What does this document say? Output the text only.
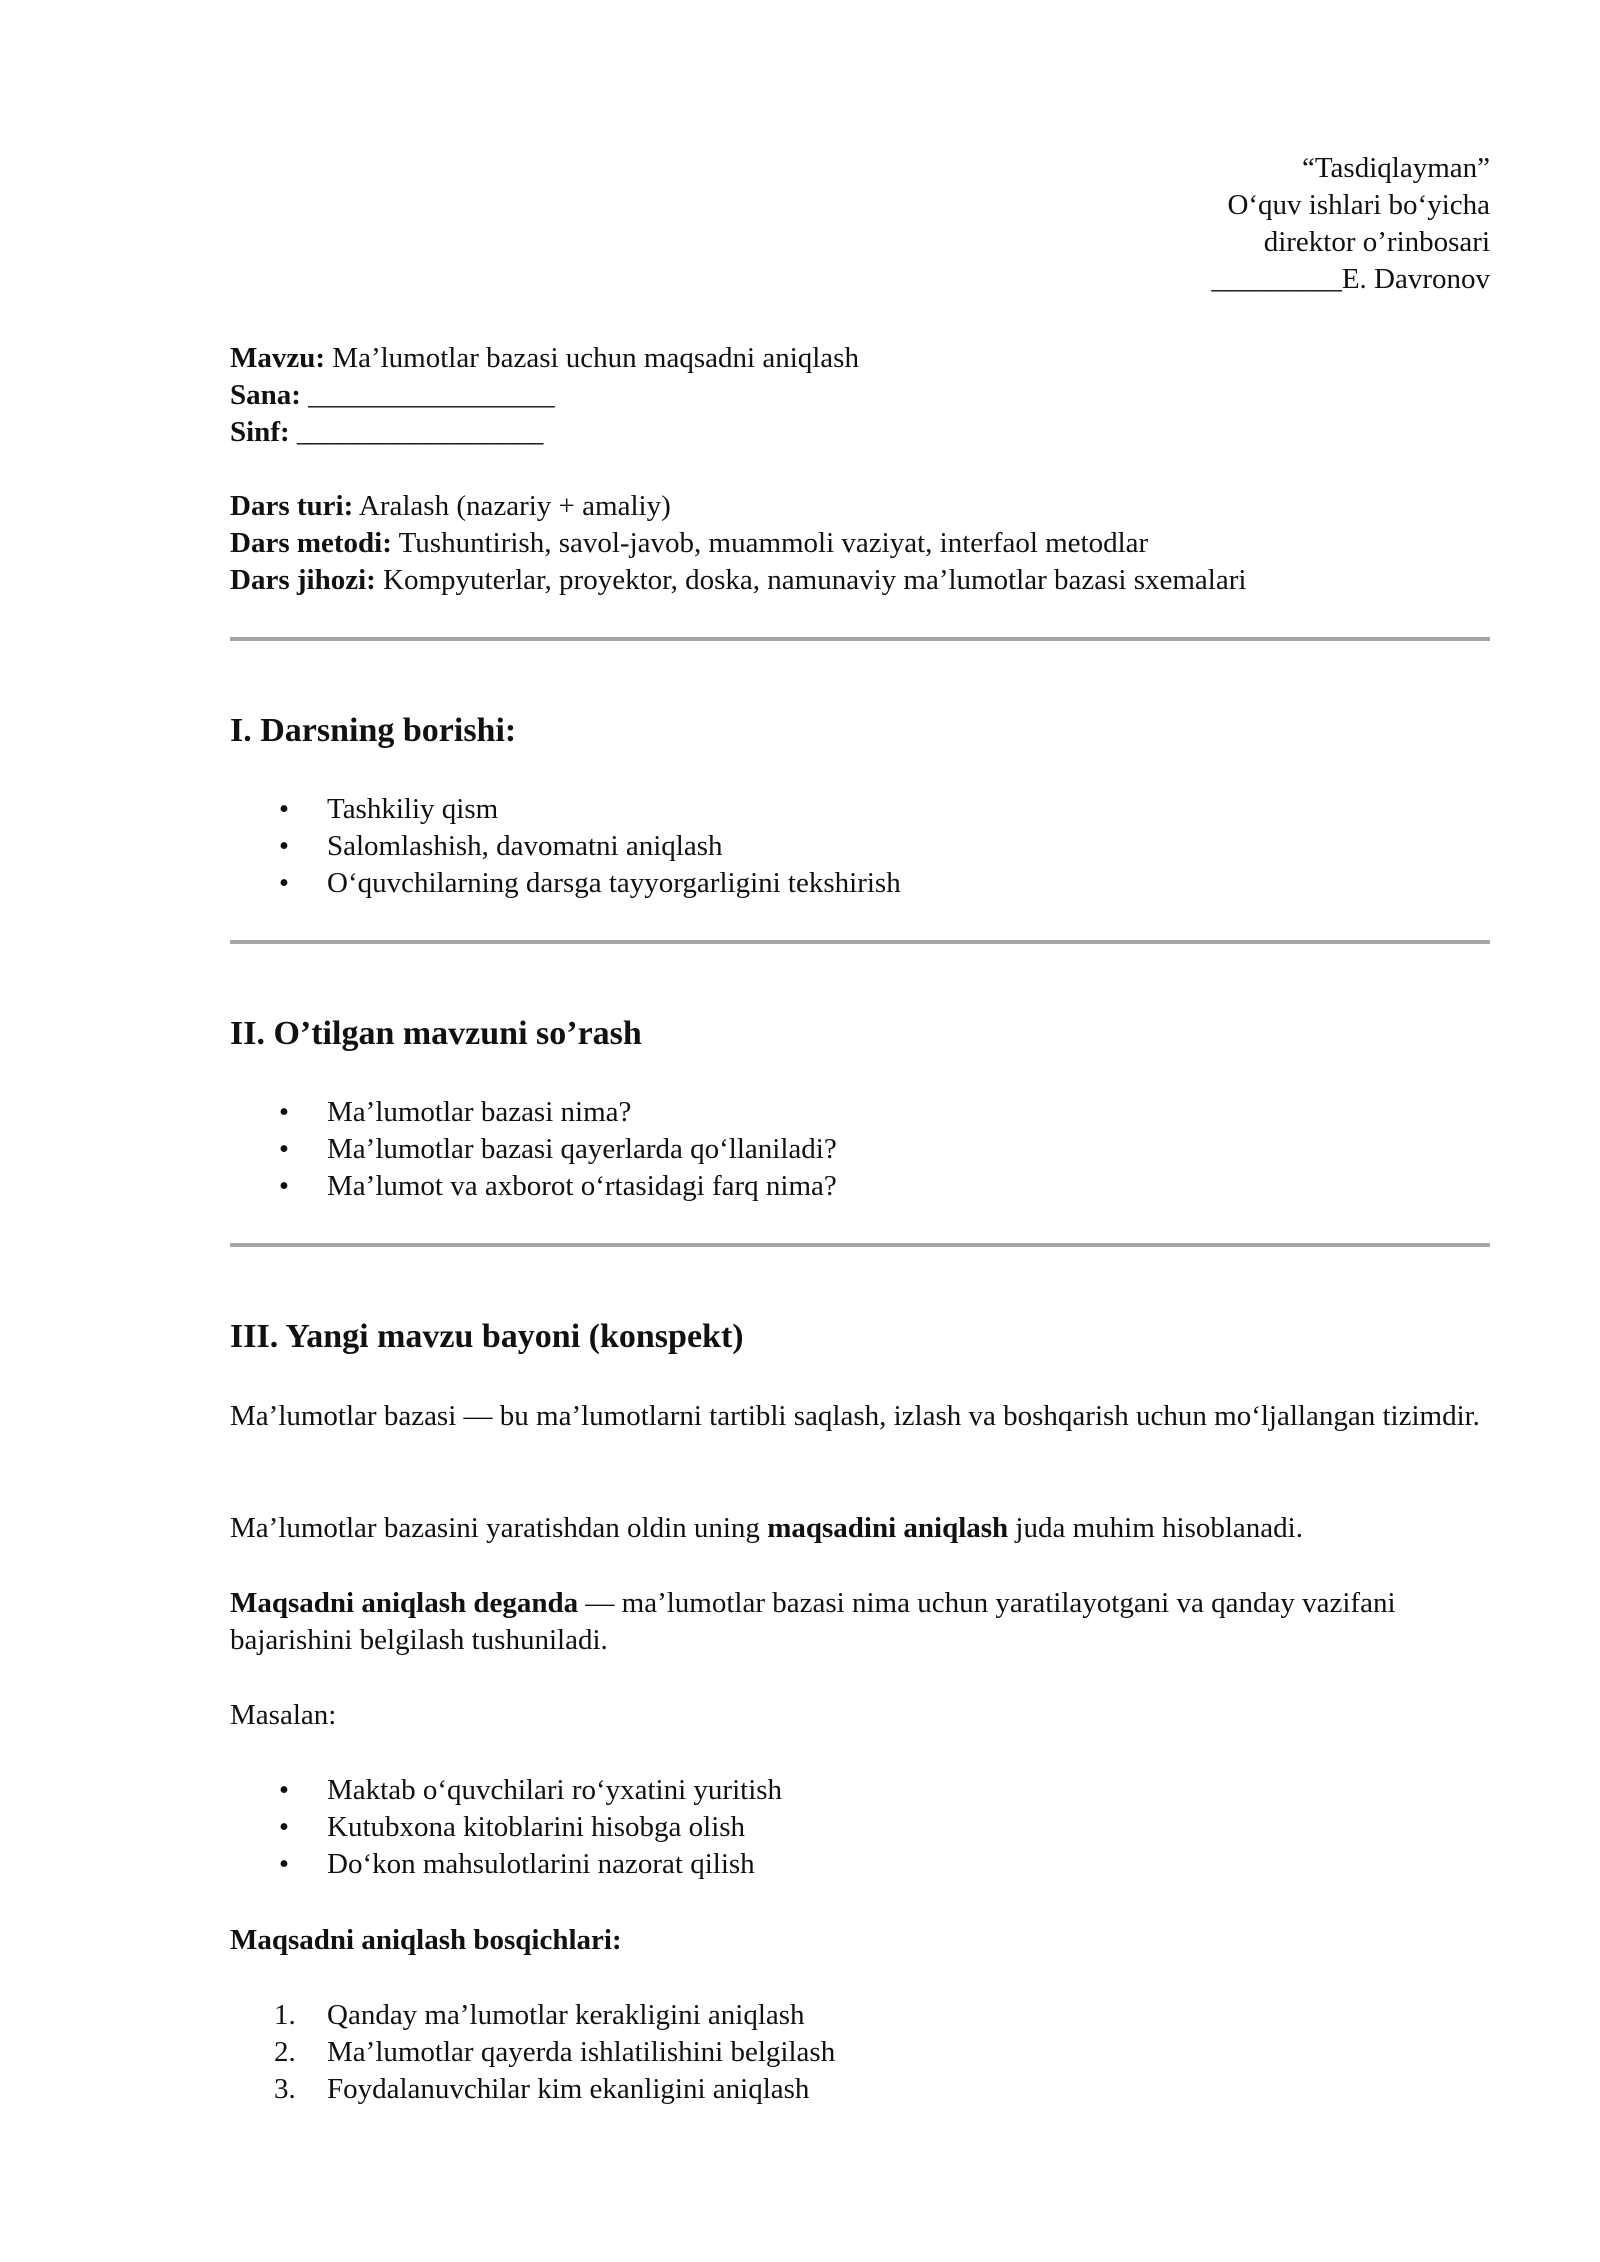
“Tasdiqlayman”
O‘quv ishlari bo‘yicha
direktor o’rinbosari
_________E. Davronov
Mavzu: Ma’lumotlar bazasi uchun maqsadni aniqlash
Sana: _________________
Sinf: _________________
Dars turi: Aralash (nazariy + amaliy)
Dars metodi: Tushuntirish, savol-javob, muammoli vaziyat, interfaol metodlar
Dars jihozi: Kompyuterlar, proyektor, doska, namunaviy ma’lumotlar bazasi sxemalari
I. Darsning borishi:
• Tashkiliy qism
• Salomlashish, davomatni aniqlash
• O‘quvchilarning darsga tayyorgarligini tekshirish
II. O’tilgan mavzuni so’rash
• Ma’lumotlar bazasi nima?
• Ma’lumotlar bazasi qayerlarda qo‘llaniladi?
• Ma’lumot va axborot o‘rtasidagi farq nima?
III. Yangi mavzu bayoni (konspekt)

Ma’lumotlar bazasi — bu ma’lumotlarni tartibli saqlash, izlash va boshqarish uchun mo‘ljallangan tizimdir.

Ma’lumotlar bazasini yaratishdan oldin uning maqsadini aniqlash juda muhim hisoblanadi.

Maqsadni aniqlash deganda — ma’lumotlar bazasi nima uchun yaratilayotgani va qanday vazifani bajarishini belgilash tushuniladi.

Masalan:

• Maktab o‘quvchilari ro‘yxatini yuritish
• Kutubxona kitoblarini hisobga olish
• Do‘kon mahsulotlarini nazorat qilish

Maqsadni aniqlash bosqichlari:

1.	Qanday ma’lumotlar kerakligini aniqlash
2.	Ma’lumotlar qayerda ishlatilishini belgilash
3.	Foydalanuvchilar kim ekanligini aniqlash
